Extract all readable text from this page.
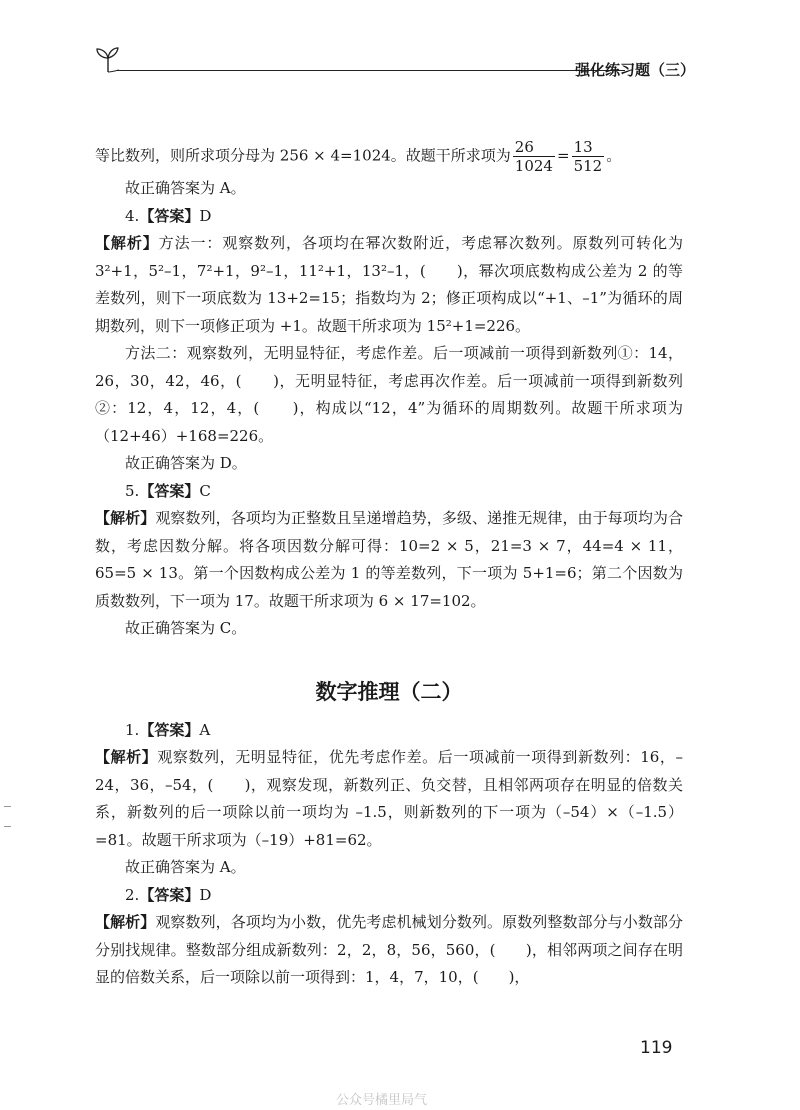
强化练习题（三）

等比数列，则所求项分母为 256 × 4=1024。故题干所求项为 $\frac{26}{1024} = \frac{13}{512}$ 。

故正确答案为 A。

4.【答案】D

【解析】方法一：观察数列，各项均在幂次数附近，考虑幂次数列。原数列可转化为 3²+1，5²–1，7²+1，9²–1，11²+1，13²–1，(　　)，幂次项底数构成公差为 2 的等差数列，则下一项底数为 13+2=15；指数均为 2；修正项构成以“+1、–1”为循环的周期数列，则下一项修正项为 +1。故题干所求项为 15²+1=226。

方法二：观察数列，无明显特征，考虑作差。后一项减前一项得到新数列①：14，26，30，42，46，(　　)，无明显特征，考虑再次作差。后一项减前一项得到新数列②：12，4，12，4，(　　)，构成以“12，4”为循环的周期数列。故题干所求项为（12+46）+168=226。

故正确答案为 D。

5.【答案】C

【解析】观察数列，各项均为正整数且呈递增趋势，多级、递推无规律，由于每项均为合数，考虑因数分解。将各项因数分解可得：10=2 × 5，21=3 × 7，44=4 × 11，65=5 × 13。第一个因数构成公差为 1 的等差数列，下一项为 5+1=6；第二个因数为质数数列，下一项为 17。故题干所求项为 6 × 17=102。

故正确答案为 C。

数字推理（二）

1.【答案】A

【解析】观察数列，无明显特征，优先考虑作差。后一项减前一项得到新数列：16，–24，36，–54，(　　)，观察发现，新数列正、负交替，且相邻两项存在明显的倍数关系，新数列的后一项除以前一项均为 –1.5，则新数列的下一项为（–54）×（–1.5）=81。故题干所求项为（–19）+81=62。

故正确答案为 A。

2.【答案】D

【解析】观察数列，各项均为小数，优先考虑机械划分数列。原数列整数部分与小数部分分别找规律。整数部分组成新数列：2，2，8，56，560，(　　)，相邻两项之间存在明显的倍数关系，后一项除以前一项得到：1，4，7，10，(　　)，

119
公众号橘里局气
